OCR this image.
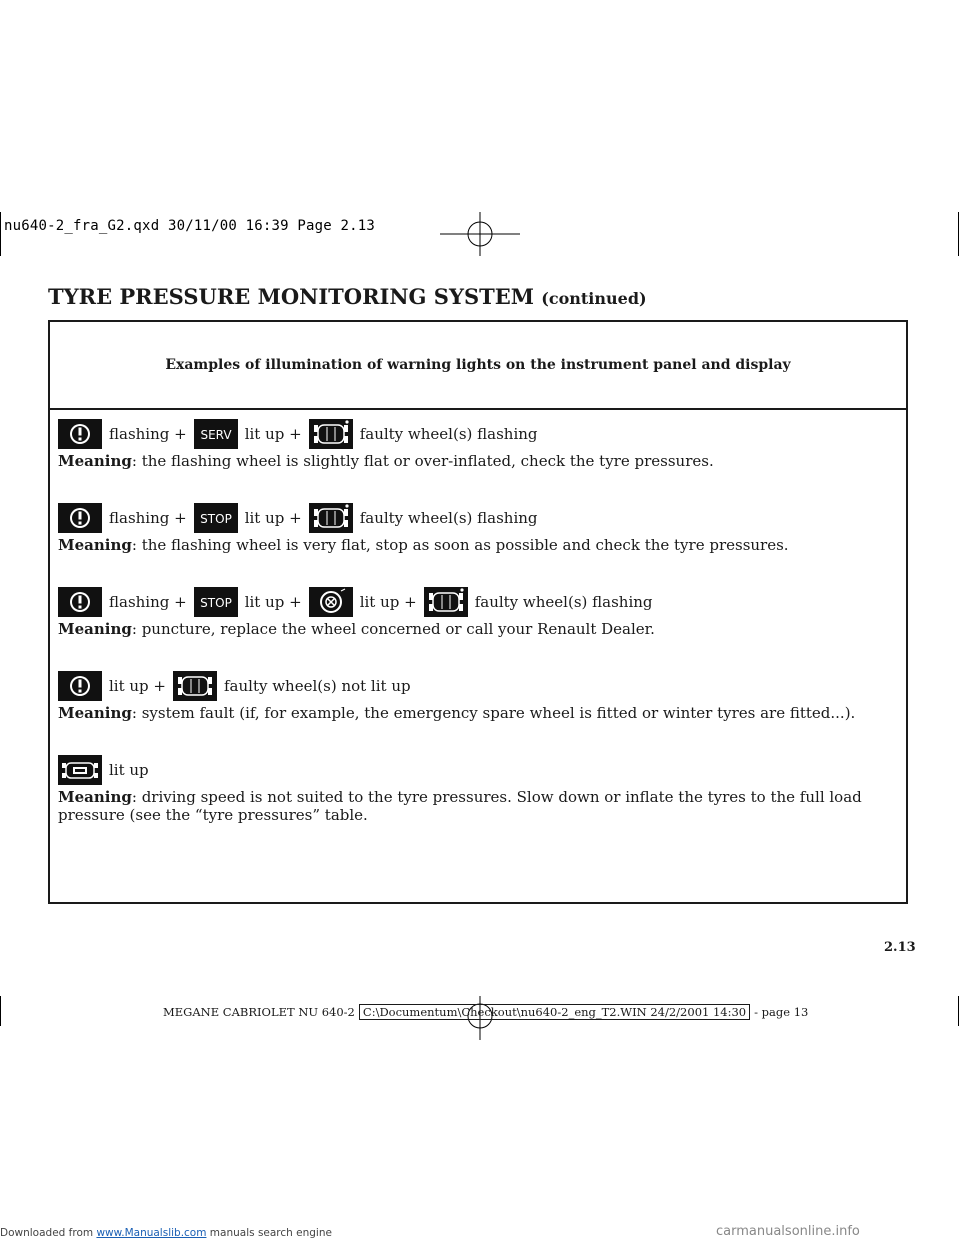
nu640-2_fra_G2.qxd 30/11/00 16:39 Page 2.13
TYRE PRESSURE MONITORING SYSTEM (continued)
Examples of illumination of warning lights on the instrument panel and display
flashing + SERV lit up +	faulty wheel(s) flashing
Meaning: the flashing wheel is slightly flat or over-inflated, check the tyre pressures.
flashing + STOP lit up +	faulty wheel(s) flashing
Meaning: the flashing wheel is very flat, stop as soon as possible and check the tyre pressures.
flashing + STOP lit up +	lit up +	faulty wheel(s) flashing
Meaning: puncture, replace the wheel concerned or call your Renault Dealer.
lit up +	faulty wheel(s) not lit up
Meaning: system fault (if, for example, the emergency spare wheel is fitted or winter tyres are fitted...).
lit up
Meaning: driving speed is not suited to the tyre pressures. Slow down or inflate the tyres to the full load pressure (see the “tyre pressures” table.
2.13
MEGANE CABRIOLET NU 640-2 C:\Documentum\Checkout\nu640-2_eng_T2.WIN 24/2/2001 14:30 - page 13
Downloaded from www.Manualslib.com manuals search engine	carmanualsonline.info
